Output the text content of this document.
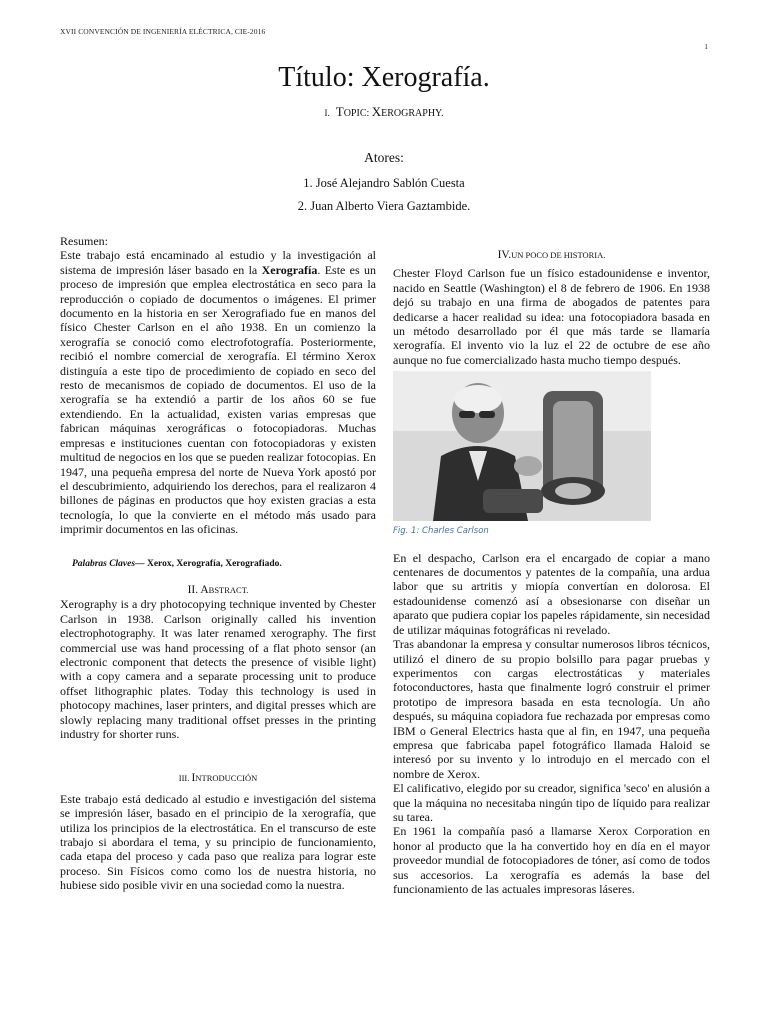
XVII CONVENCIÓN DE INGENIERÍA ELÉCTRICA, CIE-2016
1
Título: Xerografía.
I. TOPIC: XEROGRAPHY.
Atores:
1. José Alejandro Sablón Cuesta
2. Juan Alberto Viera Gaztambide.

Resumen:

Este trabajo está encaminado al estudio y la investigación al sistema de impresión láser basado en la Xerografía. Este es un proceso de impresión que emplea electrostática en seco para la reproducción o copiado de documentos o imágenes. El primer documento en la historia en ser Xerografiado fue en manos del físico Chester Carlson en el año 1938. En un comienzo la xerografía se conoció como electrofotografía. Posteriormente, recibió el nombre comercial de xerografía. El término Xerox distinguía a este tipo de procedimiento de copiado en seco del resto de mecanismos de copiado de documentos. El uso de la xerografía se ha extendió a partir de los años 60 se fue extendiendo. En la actualidad, existen varias empresas que fabrican máquinas xerográficas o fotocopiadoras. Muchas empresas e instituciones cuentan con fotocopiadoras y existen multitud de negocios en los que se pueden realizar fotocopias. En 1947, una pequeña empresa del norte de Nueva York apostó por el descubrimiento, adquiriendo los derechos, para el realizaron 4 billones de páginas en productos que hoy existen gracias a esta tecnología, lo que la convierte en el método más usado para imprimir documentos en las oficinas.

Palabras Claves— Xerox, Xerografía, Xerografiado.

II. ABSTRACT.

Xerography is a dry photocopying technique invented by Chester Carlson in 1938. Carlson originally called his invention electrophotography. It was later renamed xerography. The first commercial use was hand processing of a flat photo sensor (an electronic component that detects the presence of visible light) with a copy camera and a separate processing unit to produce offset lithographic plates. Today this technology is used in photocopy machines, laser printers, and digital presses which are slowly replacing many traditional offset presses in the printing industry for shorter runs.

III. INTRODUCCIÓN

Este trabajo está dedicado al estudio e investigación del sistema se impresión láser, basado en el principio de la xerografía, que utiliza los principios de la electrostática. En el transcurso de este trabajo si abordara el tema, y su principio de funcionamiento, cada etapa del proceso y cada paso que realiza para lograr este proceso. Sin Físicos como como los de nuestra historia, no hubiese sido posible vivir en una sociedad como la nuestra.

IV.UN POCO DE HISTORIA.

Chester Floyd Carlson fue un físico estadounidense e inventor, nacido en Seattle (Washington) el 8 de febrero de 1906. En 1938 dejó su trabajo en una firma de abogados de patentes para dedicarse a hacer realidad su idea: una fotocopiadora basada en un método desarrollado por él que más tarde se llamaría xerografía. El invento vio la luz el 22 de octubre de ese año aunque no fue comercializado hasta mucho tiempo después.

Fig. 1: Charles Carlson

En el despacho, Carlson era el encargado de copiar a mano centenares de documentos y patentes de la compañía, una ardua labor que su artritis y miopía convertían en dolorosa. El estadounidense comenzó así a obsesionarse con diseñar un aparato que pudiera copiar los papeles rápidamente, sin necesidad de utilizar máquinas fotográficas ni revelado.

Tras abandonar la empresa y consultar numerosos libros técnicos, utilizó el dinero de su propio bolsillo para pagar pruebas y experimentos con cargas electrostáticas y materiales fotoconductores, hasta que finalmente logró construir el primer prototipo de impresora basada en esta tecnología. Un año después, su máquina copiadora fue rechazada por empresas como IBM o General Electrics hasta que al fin, en 1947, una pequeña empresa que fabricaba papel fotográfico llamada Haloid se interesó por su invento y lo introdujo en el mercado con el nombre de Xerox.

El calificativo, elegido por su creador, significa 'seco' en alusión a que la máquina no necesitaba ningún tipo de líquido para realizar su tarea.

En 1961 la compañía pasó a llamarse Xerox Corporation en honor al producto que la ha convertido hoy en día en el mayor proveedor mundial de fotocopiadores de tóner, así como de todos sus accesorios. La xerografía es además la base del funcionamiento de las actuales impresoras láseres.
